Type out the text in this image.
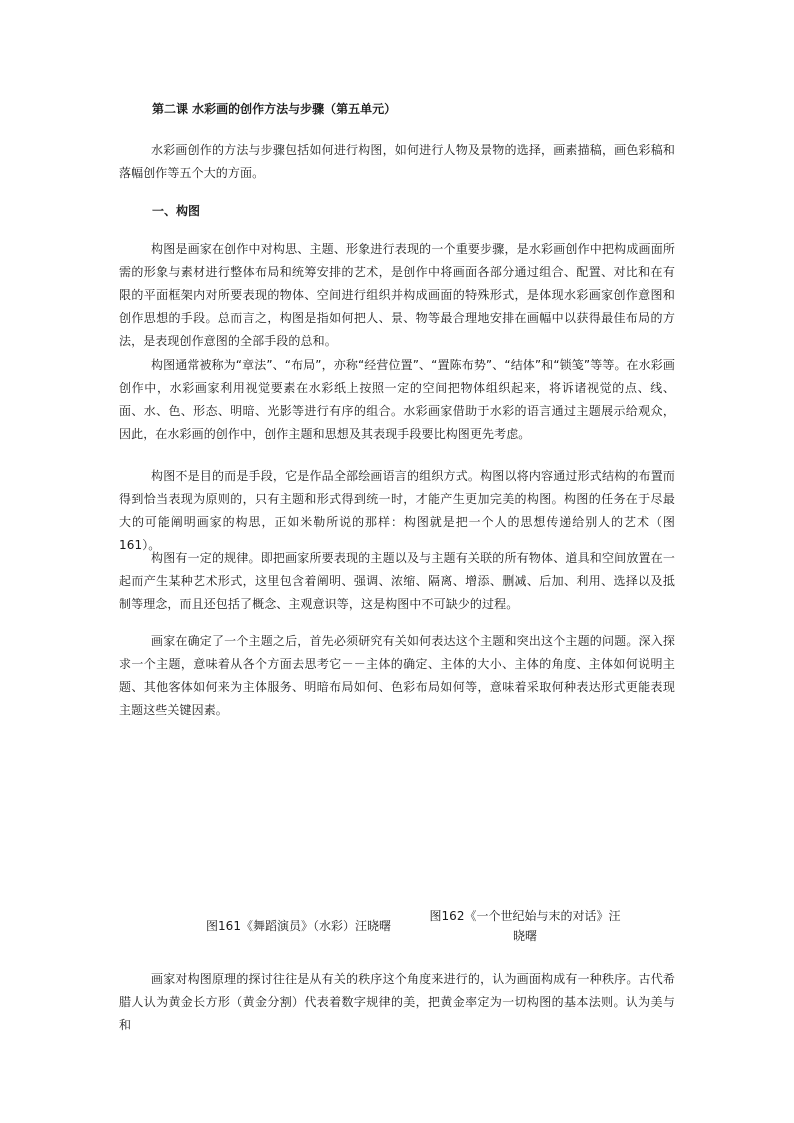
第二课 水彩画的创作方法与步骤（第五单元）

水彩画创作的方法与步骤包括如何进行构图，如何进行人物及景物的选择，画素描稿，画色彩稿和落幅创作等五个大的方面。

一、构图

构图是画家在创作中对构思、主题、形象进行表现的一个重要步骤，是水彩画创作中把构成画面所需的形象与素材进行整体布局和统筹安排的艺术，是创作中将画面各部分通过组合、配置、对比和在有限的平面框架内对所要表现的物体、空间进行组织并构成画面的特殊形式，是体现水彩画家创作意图和创作思想的手段。总而言之，构图是指如何把人、景、物等最合理地安排在画幅中以获得最佳布局的方法，是表现创作意图的全部手段的总和。

构图通常被称为“章法”、“布局”，亦称“经营位置”、“置陈布势”、“结体”和“锁笺”等等。在水彩画创作中，水彩画家利用视觉要素在水彩纸上按照一定的空间把物体组织起来，将诉诸视觉的点、线、面、水、色、形态、明暗、光影等进行有序的组合。水彩画家借助于水彩的语言通过主题展示给观众，因此，在水彩画的创作中，创作主题和思想及其表现手段要比构图更先考虑。

构图不是目的而是手段，它是作品全部绘画语言的组织方式。构图以将内容通过形式结构的布置而得到恰当表现为原则的，只有主题和形式得到统一时，才能产生更加完美的构图。构图的任务在于尽最大的可能阐明画家的构思，正如米勒所说的那样：构图就是把一个人的思想传递给别人的艺术（图161）。

构图有一定的规律。即把画家所要表现的主题以及与主题有关联的所有物体、道具和空间放置在一起而产生某种艺术形式，这里包含着阐明、强调、浓缩、隔离、增添、删减、后加、利用、选择以及抵制等理念，而且还包括了概念、主观意识等，这是构图中不可缺少的过程。

画家在确定了一个主题之后，首先必须研究有关如何表达这个主题和突出这个主题的问题。深入探求一个主题，意味着从各个方面去思考它－－主体的确定、主体的大小、主体的角度、主体如何说明主题、其他客体如何来为主体服务、明暗布局如何、色彩布局如何等，意味着采取何种表达形式更能表现主题这些关键因素。

图161《舞蹈演员》（水彩）汪晓曙

图162《一个世纪始与末的对话》汪晓曙

画家对构图原理的探讨往往是从有关的秩序这个角度来进行的，认为画面构成有一种秩序。古代希腊人认为黄金长方形（黄金分割）代表着数字规律的美，把黄金率定为一切构图的基本法则。认为美与和
